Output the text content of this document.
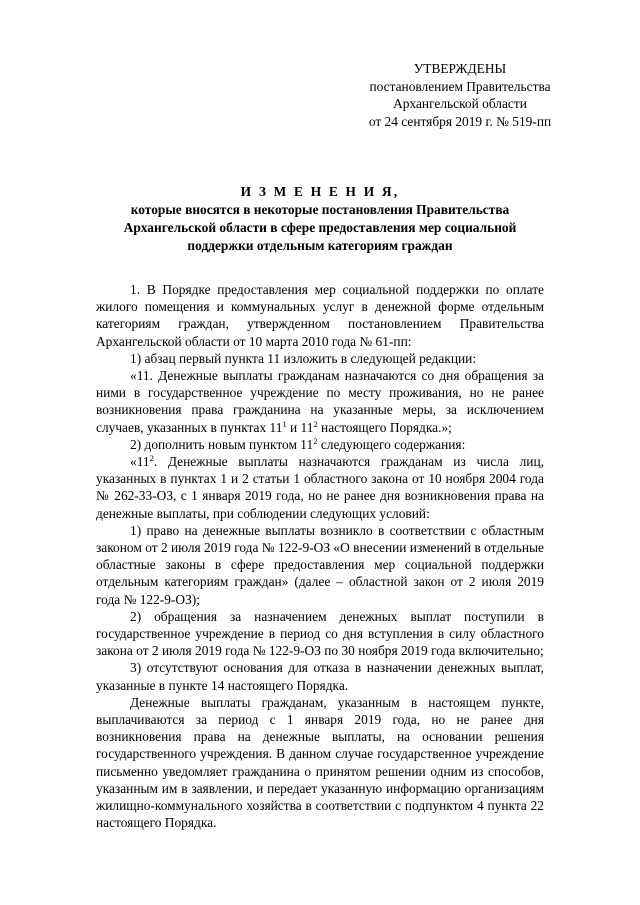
УТВЕРЖДЕНЫ
постановлением Правительства
Архангельской области
от 24 сентября 2019 г. № 519-пп
И З М Е Н Е Н И Я,
которые вносятся в некоторые постановления Правительства
Архангельской области в сфере предоставления мер социальной
поддержки отдельным категориям граждан

1. В Порядке предоставления мер социальной поддержки по оплате жилого помещения и коммунальных услуг в денежной форме отдельным категориям граждан, утвержденном постановлением Правительства Архангельской области от 10 марта 2010 года № 61-пп:

1) абзац первый пункта 11 изложить в следующей редакции:

«11. Денежные выплаты гражданам назначаются со дня обращения за ними в государственное учреждение по месту проживания, но не ранее возникновения права гражданина на указанные меры, за исключением случаев, указанных в пунктах $11^1$ и $11^2$ настоящего Порядка.»;

2) дополнить новым пунктом $11^2$ следующего содержания:

«$11^2$. Денежные выплаты назначаются гражданам из числа лиц, указанных в пунктах 1 и 2 статьи 1 областного закона от 10 ноября 2004 года № 262-33-ОЗ, с 1 января 2019 года, но не ранее дня возникновения права на денежные выплаты, при соблюдении следующих условий:

1) право на денежные выплаты возникло в соответствии с областным законом от 2 июля 2019 года № 122-9-ОЗ «О внесении изменений в отдельные областные законы в сфере предоставления мер социальной поддержки отдельным категориям граждан» (далее – областной закон от 2 июля 2019 года № 122-9-ОЗ);

2) обращения за назначением денежных выплат поступили в государственное учреждение в период со дня вступления в силу областного закона от 2 июля 2019 года № 122-9-ОЗ по 30 ноября 2019 года включительно;

3) отсутствуют основания для отказа в назначении денежных выплат, указанные в пункте 14 настоящего Порядка.

Денежные выплаты гражданам, указанным в настоящем пункте, выплачиваются за период с 1 января 2019 года, но не ранее дня возникновения права на денежные выплаты, на основании решения государственного учреждения. В данном случае государственное учреждение письменно уведомляет гражданина о принятом решении одним из способов, указанным им в заявлении, и передает указанную информацию организациям жилищно-коммунального хозяйства в соответствии с подпунктом 4 пункта 22 настоящего Порядка.
